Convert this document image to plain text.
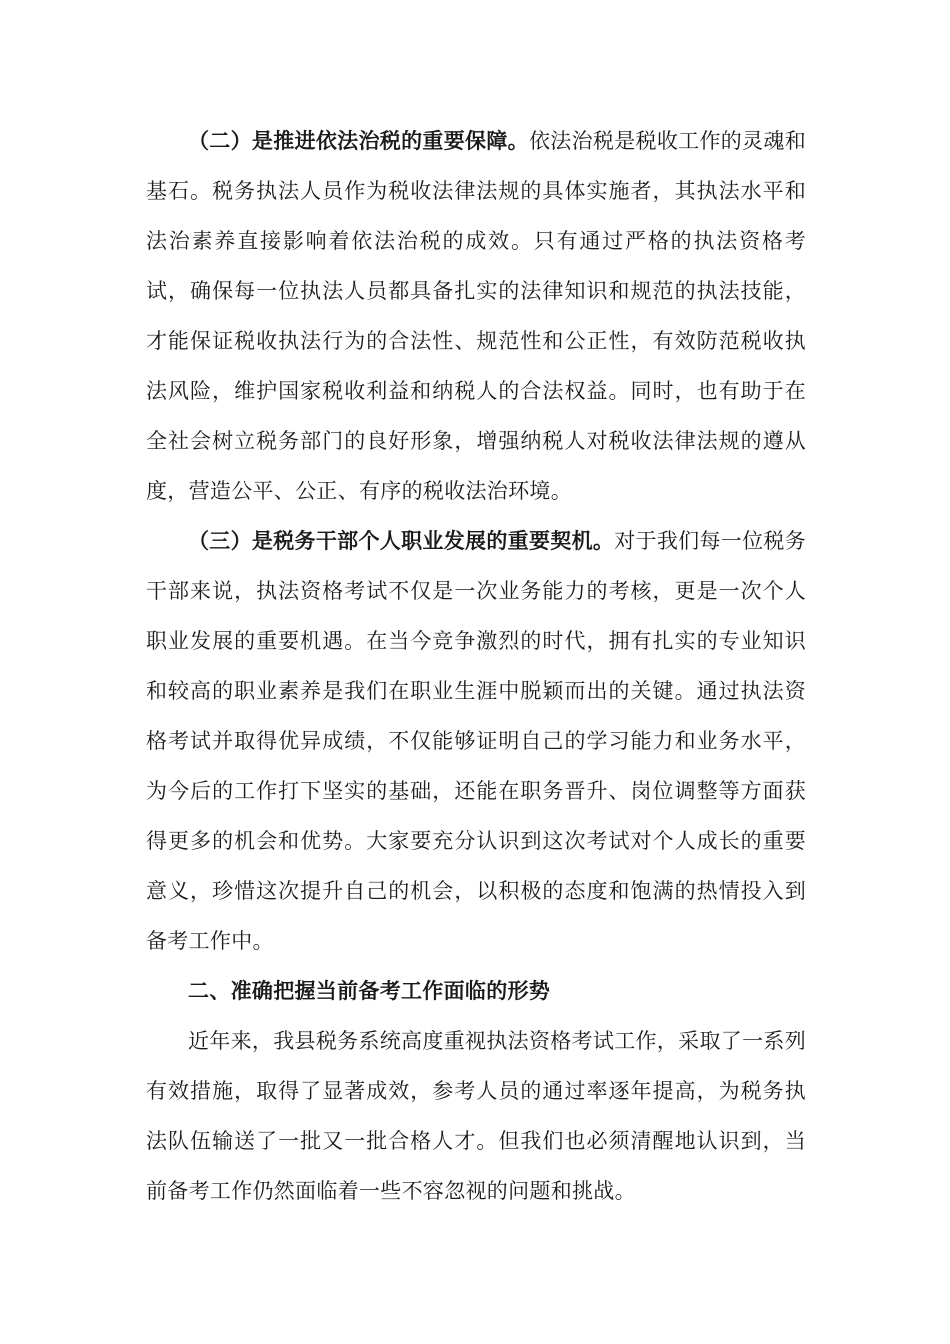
（二）是推进依法治税的重要保障。依法治税是税收工作的灵魂和基石。税务执法人员作为税收法律法规的具体实施者，其执法水平和法治素养直接影响着依法治税的成效。只有通过严格的执法资格考试，确保每一位执法人员都具备扎实的法律知识和规范的执法技能，才能保证税收执法行为的合法性、规范性和公正性，有效防范税收执法风险，维护国家税收利益和纳税人的合法权益。同时，也有助于在全社会树立税务部门的良好形象，增强纳税人对税收法律法规的遵从度，营造公平、公正、有序的税收法治环境。

（三）是税务干部个人职业发展的重要契机。对于我们每一位税务干部来说，执法资格考试不仅是一次业务能力的考核，更是一次个人职业发展的重要机遇。在当今竞争激烈的时代，拥有扎实的专业知识和较高的职业素养是我们在职业生涯中脱颖而出的关键。通过执法资格考试并取得优异成绩，不仅能够证明自己的学习能力和业务水平，为今后的工作打下坚实的基础，还能在职务晋升、岗位调整等方面获得更多的机会和优势。大家要充分认识到这次考试对个人成长的重要意义，珍惜这次提升自己的机会，以积极的态度和饱满的热情投入到备考工作中。

二、准确把握当前备考工作面临的形势

近年来，我县税务系统高度重视执法资格考试工作，采取了一系列有效措施，取得了显著成效，参考人员的通过率逐年提高，为税务执法队伍输送了一批又一批合格人才。但我们也必须清醒地认识到，当前备考工作仍然面临着一些不容忽视的问题和挑战。
